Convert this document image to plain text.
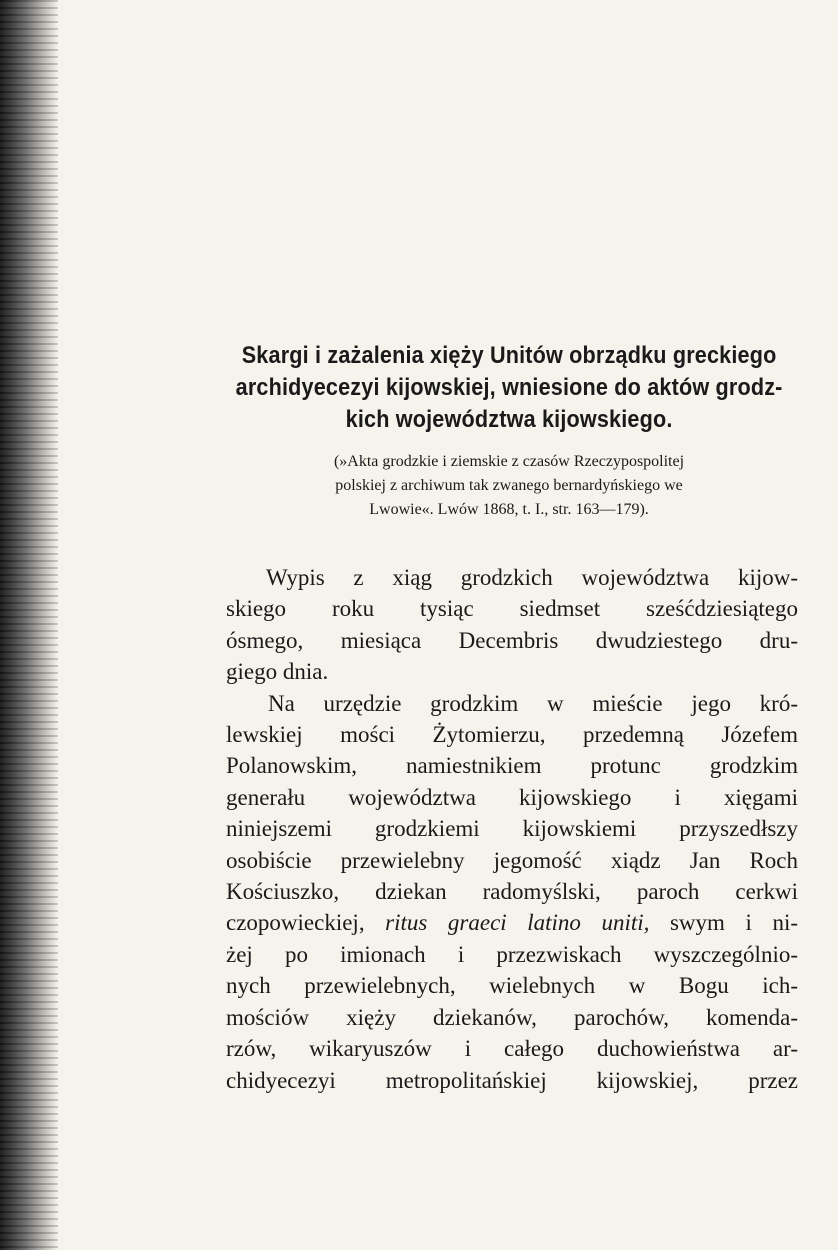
Skargi i zażalenia xięży Unitów obrządku greckiego
archidyecezyi kijowskiej, wniesione do aktów grodz-
kich województwa kijowskiego.
(»Akta grodzkie i ziemskie z czasów Rzeczypospolitej
polskiej z archiwum tak zwanego bernardyńskiego we
Lwowie«. Lwów 1868, t. I., str. 163—179).
Wypis z xiąg grodzkich województwa kijow-
skiego roku tysiąc siedmset sześćdziesiątego
ósmego, miesiąca Decembris dwudziestego dru-
giego dnia.
Na urzędzie grodzkim w mieście jego kró-
lewskiej mości Żytomierzu, przedemną Józefem
Polanowskim, namiestnikiem protunc grodzkim
generału województwa kijowskiego i xięgami
niniejszemi grodzkiemi kijowskiemi przyszedłszy
osobiście przewielebny jegomość xiądz Jan Roch
Kościuszko, dziekan radomyślski, paroch cerkwi
czopowieckiej, ritus graeci latino uniti, swym i ni-
żej po imionach i przezwiskach wyszczególnio-
nych przewielebnych, wielebnych w Bogu ich-
mościów xięży dziekanów, parochów, komenda-
rzów, wikaryuszów i całego duchowieństwa ar-
chidyecezyi metropolitańskiej kijowskiej, przez
